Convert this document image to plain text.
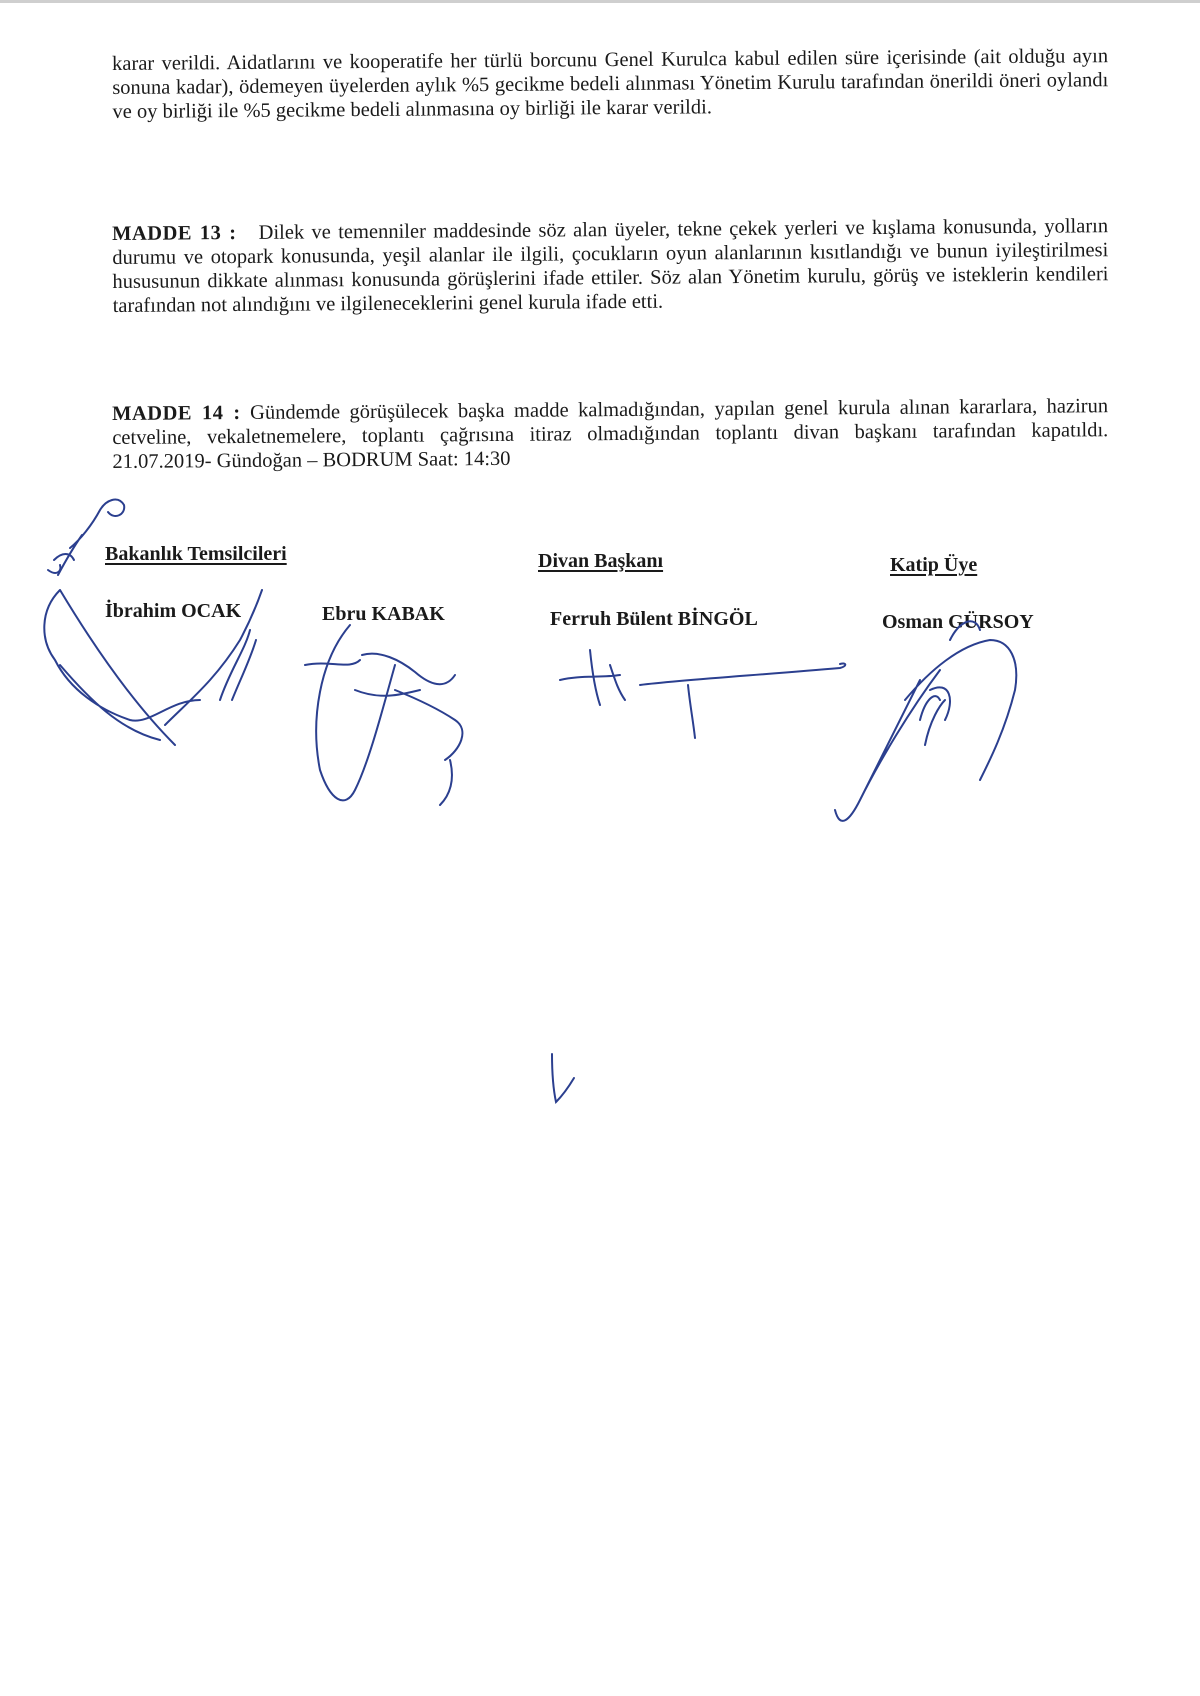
karar verildi. Aidatlarını ve kooperatife her türlü borcunu Genel Kurulca kabul edilen süre içerisinde (ait olduğu ayın sonuna kadar), ödemeyen üyelerden aylık %5 gecikme bedeli alınması Yönetim Kurulu tarafından önerildi öneri oylandı ve oy birliği ile %5 gecikme bedeli alınmasına oy birliği ile karar verildi.
MADDE 13 : Dilek ve temenniler maddesinde söz alan üyeler, tekne çekek yerleri ve kışlama konusunda, yolların durumu ve otopark konusunda, yeşil alanlar ile ilgili, çocukların oyun alanlarının kısıtlandığı ve bunun iyileştirilmesi hususunun dikkate alınması konusunda görüşlerini ifade ettiler. Söz alan Yönetim kurulu, görüş ve isteklerin kendileri tarafından not alındığını ve ilgileneceklerini genel kurula ifade etti.
MADDE 14 : Gündemde görüşülecek başka madde kalmadığından, yapılan genel kurula alınan kararlara, hazirun cetveline, vekaletnemelere, toplantı çağrısına itiraz olmadığından toplantı divan başkanı tarafından kapatıldı. 21.07.2019- Gündoğan – BODRUM Saat: 14:30
Bakanlık Temsilcileri	Divan Başkanı	Katip Üye
İbrahim OCAK	Ebru KABAK	Ferruh Bülent BİNGÖL	Osman GÜRSOY
